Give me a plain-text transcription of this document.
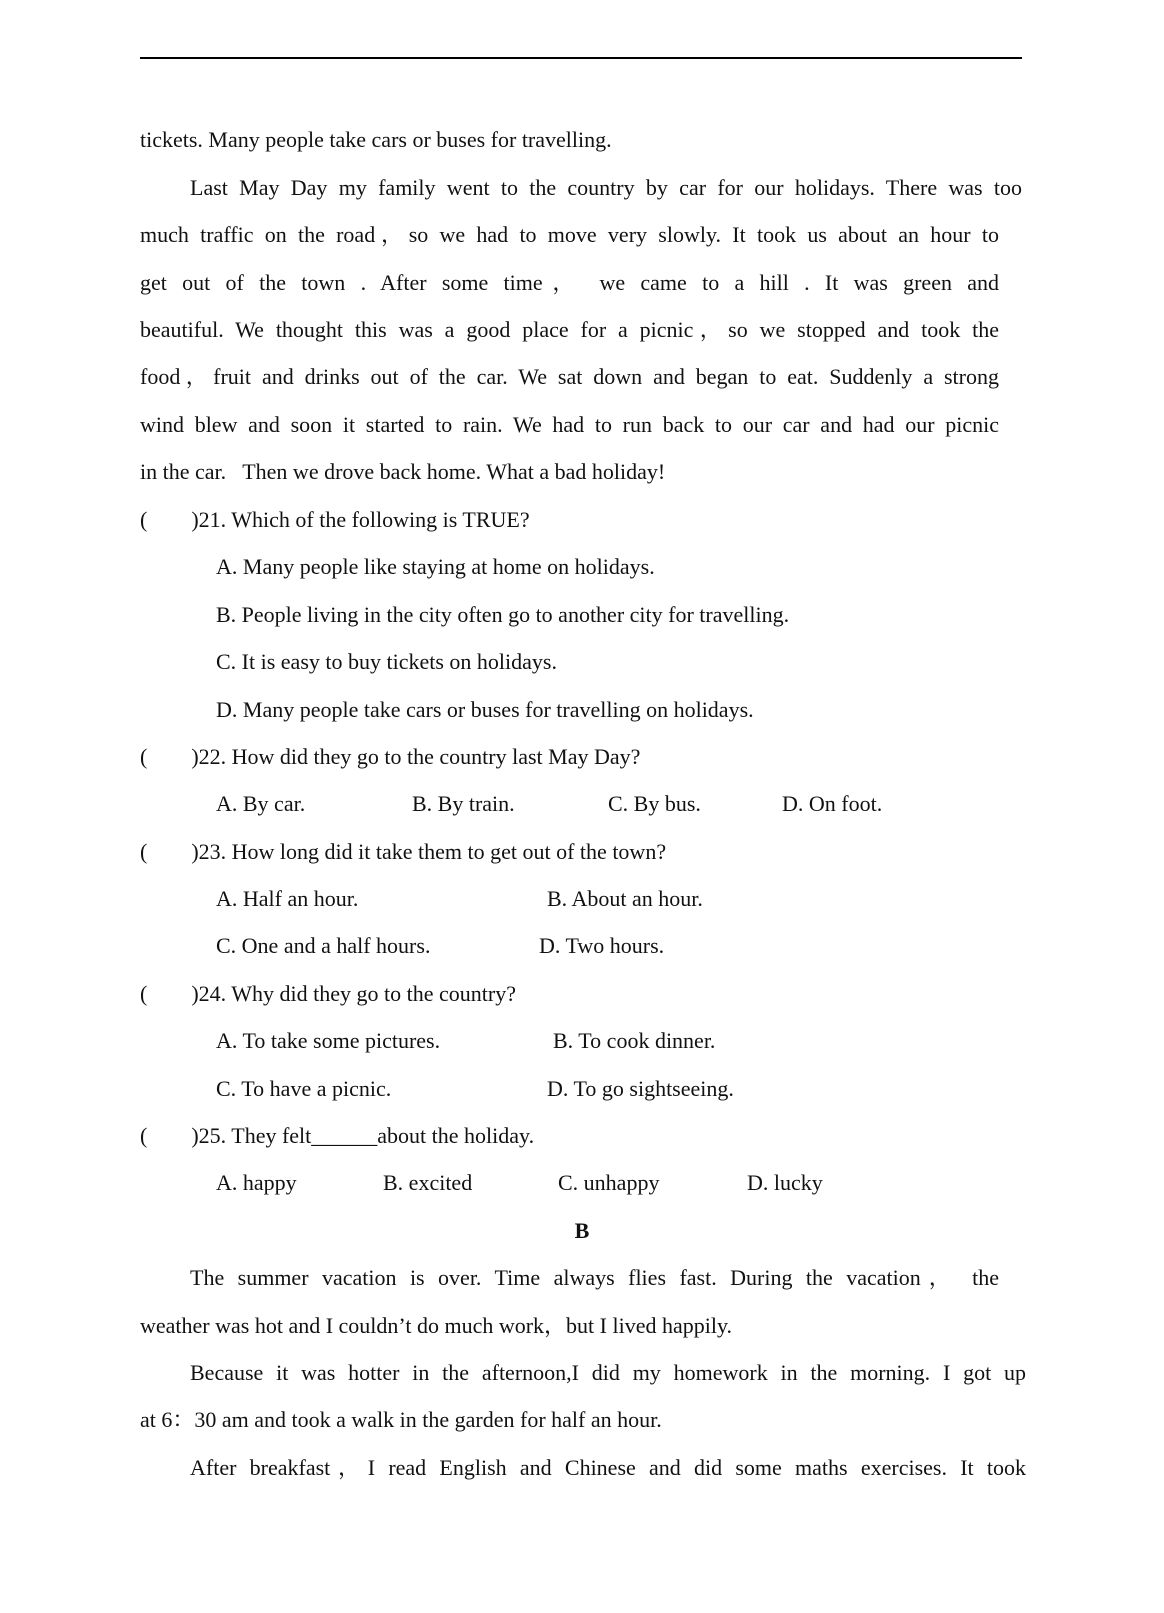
tickets. Many people take cars or buses for travelling.
Last May Day my family went to the country by car for our holidays. There was too
much traffic on the road，so we had to move very slowly. It took us about an hour to
get out of the town . After some time， we came to a hill . It was green and
beautiful. We thought this was a good place for a picnic，so we stopped and took the
food，fruit and drinks out of the car. We sat down and began to eat. Suddenly a strong
wind blew and soon it started to rain. We had to run back to our car and had our picnic
in the car.   Then we drove back home. What a bad holiday!
(        )21. Which of the following is TRUE?
A. Many people like staying at home on holidays.
B. People living in the city often go to another city for travelling.
C. It is easy to buy tickets on holidays.
D. Many people take cars or buses for travelling on holidays.
(        )22. How did they go to the country last May Day?
A. By car.	B. By train.	C. By bus.	D. On foot.
(        )23. How long did it take them to get out of the town?
A. Half an hour.	B. About an hour.
C. One and a half hours.	D. Two hours.
(        )24. Why did they go to the country?
A. To take some pictures.	B. To cook dinner.
C. To have a picnic.	D. To go sightseeing.
(        )25. They felt______about the holiday.
A. happy	B. excited	C. unhappy	D. lucky
B
The summer vacation is over. Time always flies fast. During the vacation， the
weather was hot and I couldn’t do much work，but I lived happily.
Because it was hotter in the afternoon,I did my homework in the morning. I got up
at 6：30 am and took a walk in the garden for half an hour.
After breakfast，I read English and Chinese and did some maths exercises. It took
